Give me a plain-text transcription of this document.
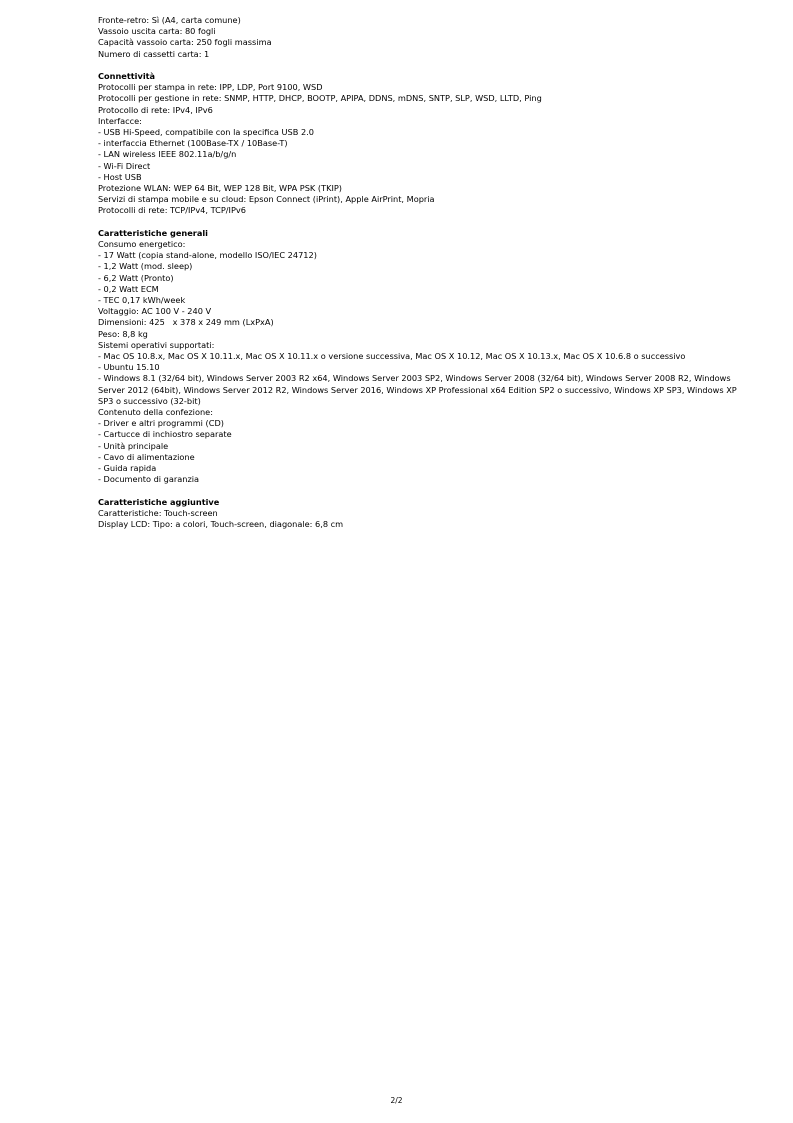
Fronte-retro: Sì (A4, carta comune)
Vassoio uscita carta: 80 fogli
Capacità vassoio carta: 250 fogli massima
Numero di cassetti carta: 1
Connettività
Protocolli per stampa in rete: IPP, LDP, Port 9100, WSD
Protocolli per gestione in rete: SNMP, HTTP, DHCP, BOOTP, APIPA, DDNS, mDNS, SNTP, SLP, WSD, LLTD, Ping
Protocollo di rete: IPv4, IPv6
Interfacce:
- USB Hi-Speed, compatibile con la specifica USB 2.0
- interfaccia Ethernet (100Base-TX / 10Base-T)
- LAN wireless IEEE 802.11a/b/g/n
- Wi-Fi Direct
- Host USB
Protezione WLAN: WEP 64 Bit, WEP 128 Bit, WPA PSK (TKIP)
Servizi di stampa mobile e su cloud: Epson Connect (iPrint), Apple AirPrint, Mopria
Protocolli di rete: TCP/IPv4, TCP/IPv6
Caratteristiche generali
Consumo energetico:
- 17 Watt (copia stand-alone, modello ISO/IEC 24712)
- 1,2 Watt (mod. sleep)
- 6,2 Watt (Pronto)
- 0,2 Watt ECM
- TEC 0,17 kWh/week
Voltaggio: AC 100 V - 240 V
Dimensioni: 425   x 378 x 249 mm (LxPxA)
Peso: 8,8 kg
Sistemi operativi supportati:
- Mac OS 10.8.x, Mac OS X 10.11.x, Mac OS X 10.11.x o versione successiva, Mac OS X 10.12, Mac OS X 10.13.x, Mac OS X 10.6.8 o successivo
- Ubuntu 15.10
- Windows 8.1 (32/64 bit), Windows Server 2003 R2 x64, Windows Server 2003 SP2, Windows Server 2008 (32/64 bit), Windows Server 2008 R2, Windows Server 2012 (64bit), Windows Server 2012 R2, Windows Server 2016, Windows XP Professional x64 Edition SP2 o successivo, Windows XP SP3, Windows XP SP3 o successivo (32-bit)
Contenuto della confezione:
- Driver e altri programmi (CD)
- Cartucce di inchiostro separate
- Unità principale
- Cavo di alimentazione
- Guida rapida
- Documento di garanzia
Caratteristiche aggiuntive
Caratteristiche: Touch-screen
Display LCD: Tipo: a colori, Touch-screen, diagonale: 6,8 cm
2/2
